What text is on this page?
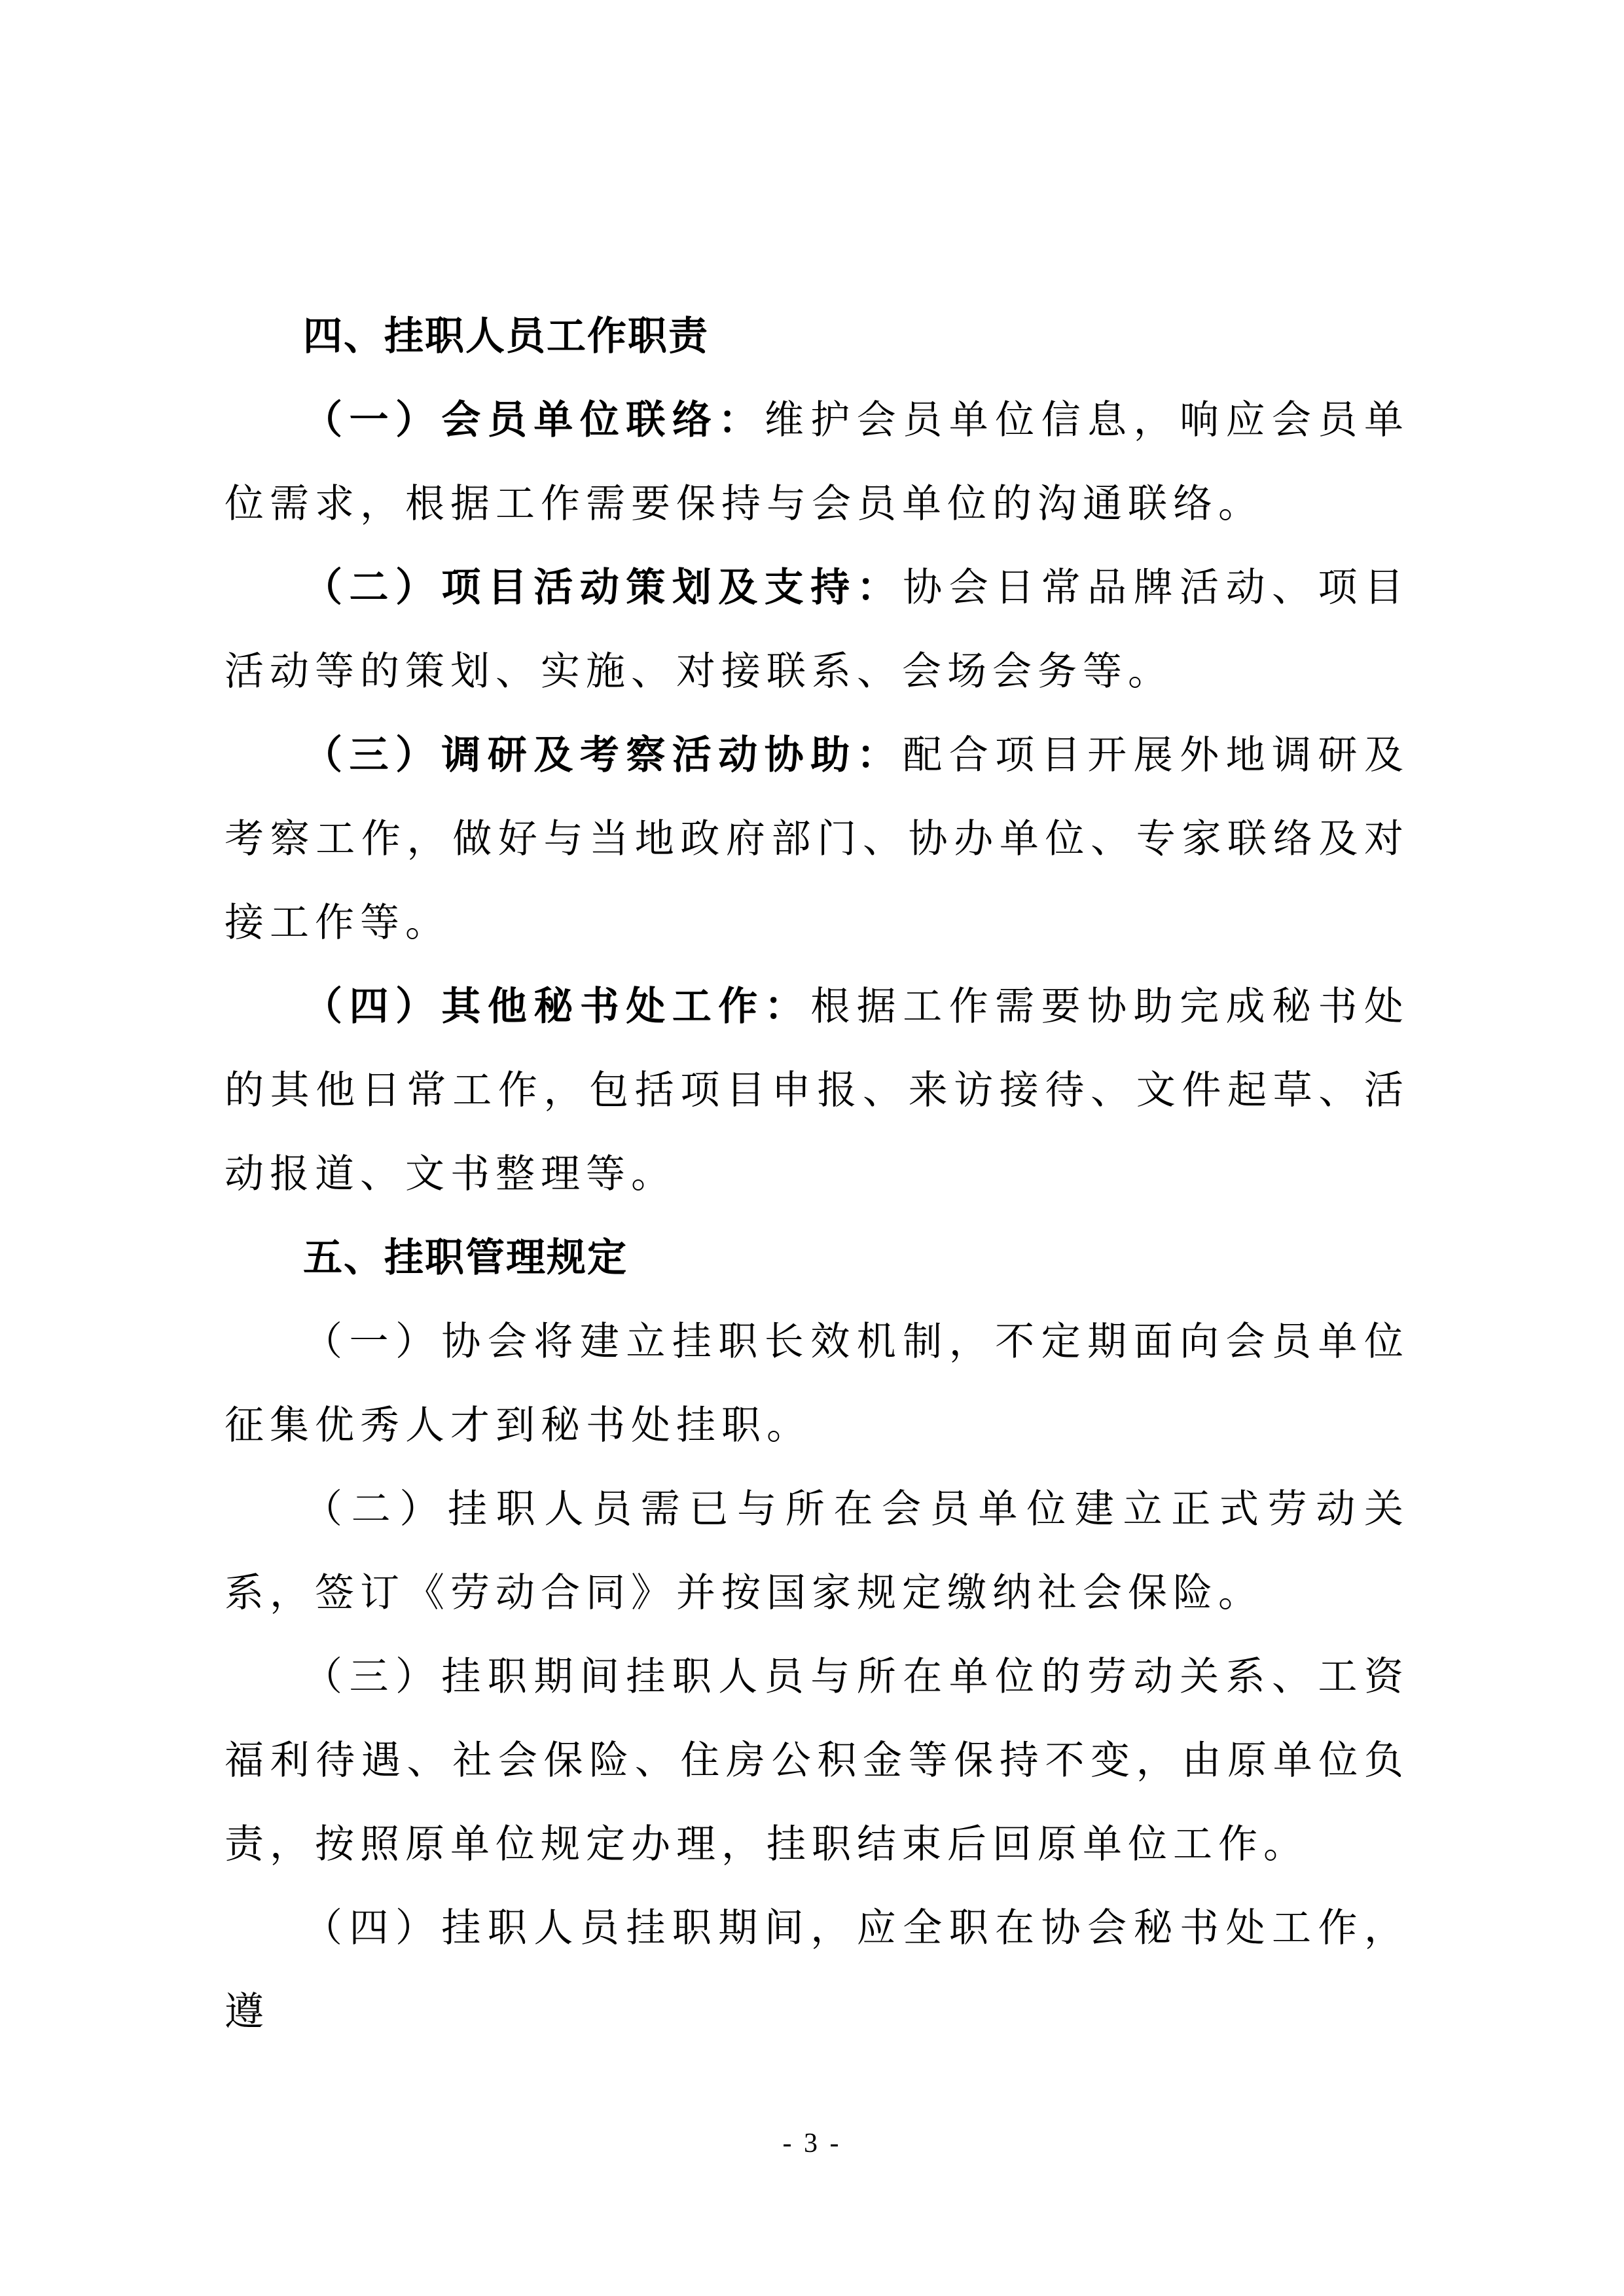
四、挂职人员工作职责

（一）会员单位联络：维护会员单位信息，响应会员单位需求，根据工作需要保持与会员单位的沟通联络。

（二）项目活动策划及支持：协会日常品牌活动、项目活动等的策划、实施、对接联系、会场会务等。

（三）调研及考察活动协助：配合项目开展外地调研及考察工作，做好与当地政府部门、协办单位、专家联络及对接工作等。

（四）其他秘书处工作：根据工作需要协助完成秘书处的其他日常工作，包括项目申报、来访接待、文件起草、活动报道、文书整理等。

五、挂职管理规定

（一）协会将建立挂职长效机制，不定期面向会员单位征集优秀人才到秘书处挂职。

（二）挂职人员需已与所在会员单位建立正式劳动关系，签订《劳动合同》并按国家规定缴纳社会保险。

（三）挂职期间挂职人员与所在单位的劳动关系、工资福利待遇、社会保险、住房公积金等保持不变，由原单位负责，按照原单位规定办理，挂职结束后回原单位工作。

（四）挂职人员挂职期间，应全职在协会秘书处工作，遵

- 3 -
